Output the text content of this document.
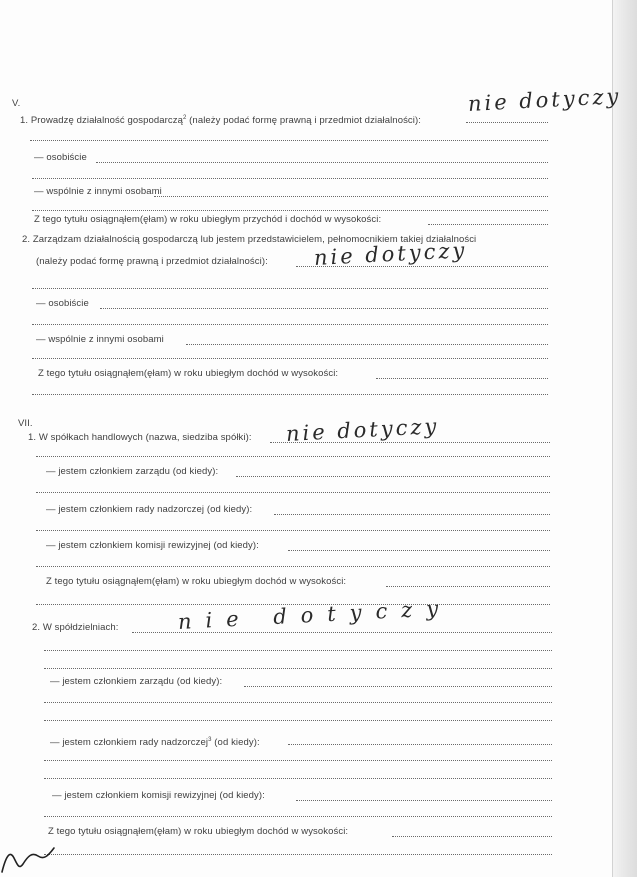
V.
1. Prowadzę działalność gospodarczą$^2$ (należy podać formę prawną i przedmiot działalności):
nie dotyczy
— osobiście
— wspólnie z innymi osobami
Z tego tytułu osiągnąłem(ęłam) w roku ubiegłym przychód i dochód w wysokości:
2. Zarządzam działalnością gospodarczą lub jestem przedstawicielem, pełnomocnikiem takiej działalności
(należy podać formę prawną i przedmiot działalności): nie dotyczy
— osobiście
— wspólnie z innymi osobami
Z tego tytułu osiągnąłem(ęłam) w roku ubiegłym dochód w wysokości:
VII.
1. W spółkach handlowych (nazwa, siedziba spółki): nie dotyczy
— jestem członkiem zarządu (od kiedy):
— jestem członkiem rady nadzorczej (od kiedy):
— jestem członkiem komisji rewizyjnej (od kiedy):
Z tego tytułu osiągnąłem(ęłam) w roku ubiegłym dochód w wysokości:
2. W spółdzielniach:	nie dotyczy
— jestem członkiem zarządu (od kiedy):
— jestem członkiem rady nadzorczej$^3$ (od kiedy):
— jestem członkiem komisji rewizyjnej (od kiedy):
Z tego tytułu osiągnąłem(ęłam) w roku ubiegłym dochód w wysokości:
